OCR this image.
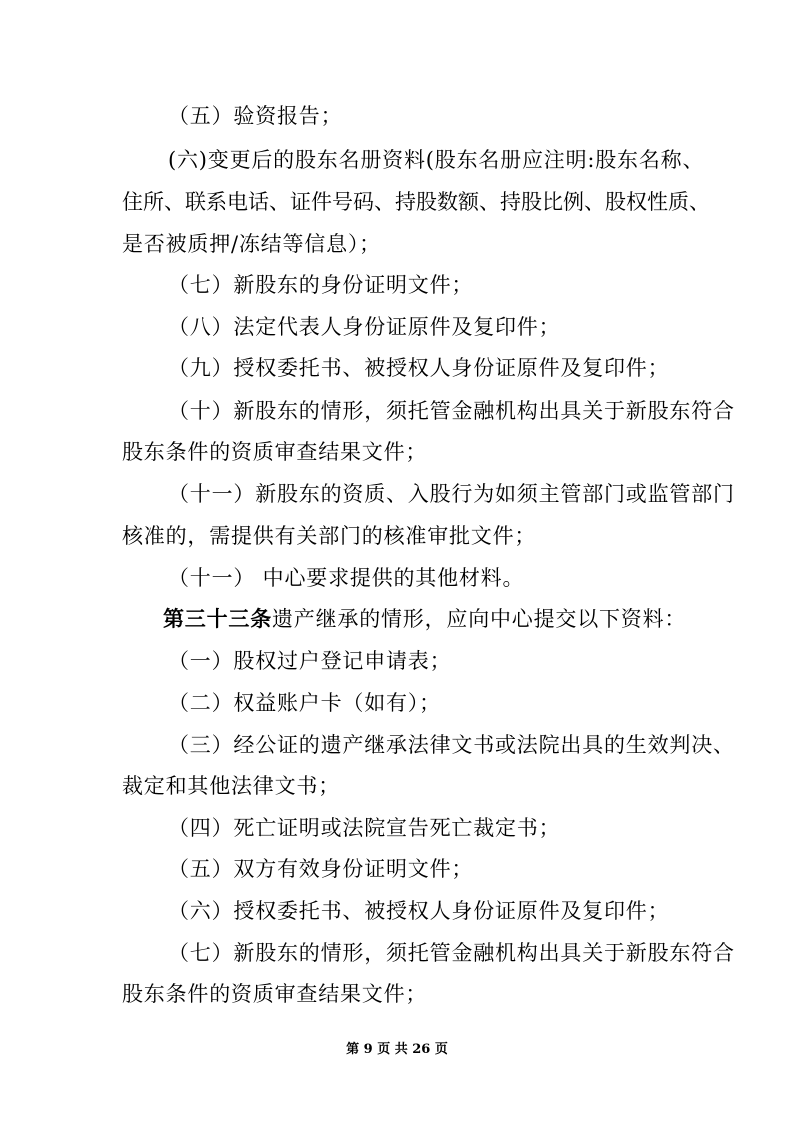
（五）验资报告；
(六)变更后的股东名册资料(股东名册应注明:股东名称、
住 所 、 联 系 电 话 、 证 件 号 码 、 持 股 数 额 、 持 股 比 例 、 股 权 性 质 、
是否被质押/冻结等信息）；
（七）新股东的身份证明文件；
（八）法定代表人身份证原件及复印件；
（九）授权委托书、被授权人身份证原件及复印件；
（十）新股东的情形，须托管金融机构出具关于新股东符合
股东条件的资质审查结果文件；
（十一）新股东的资质、入股行为如须主管部门或监管部门
核准的，需提供有关部门的核准审批文件；
（十一） 中心要求提供的其他材料。
第三十三条遗产继承的情形，应向中心提交以下资料：
（一）股权过户登记申请表；
（二）权益账户卡（如有）；
（三）经公证的遗产继承法律文书或法院出具的生效判决、
裁定和其他法律文书；
（四）死亡证明或法院宣告死亡裁定书；
（五）双方有效身份证明文件；
（六）授权委托书、被授权人身份证原件及复印件；
（七）新股东的情形，须托管金融机构出具关于新股东符合
股东条件的资质审查结果文件；
第 9 页 共 26 页
